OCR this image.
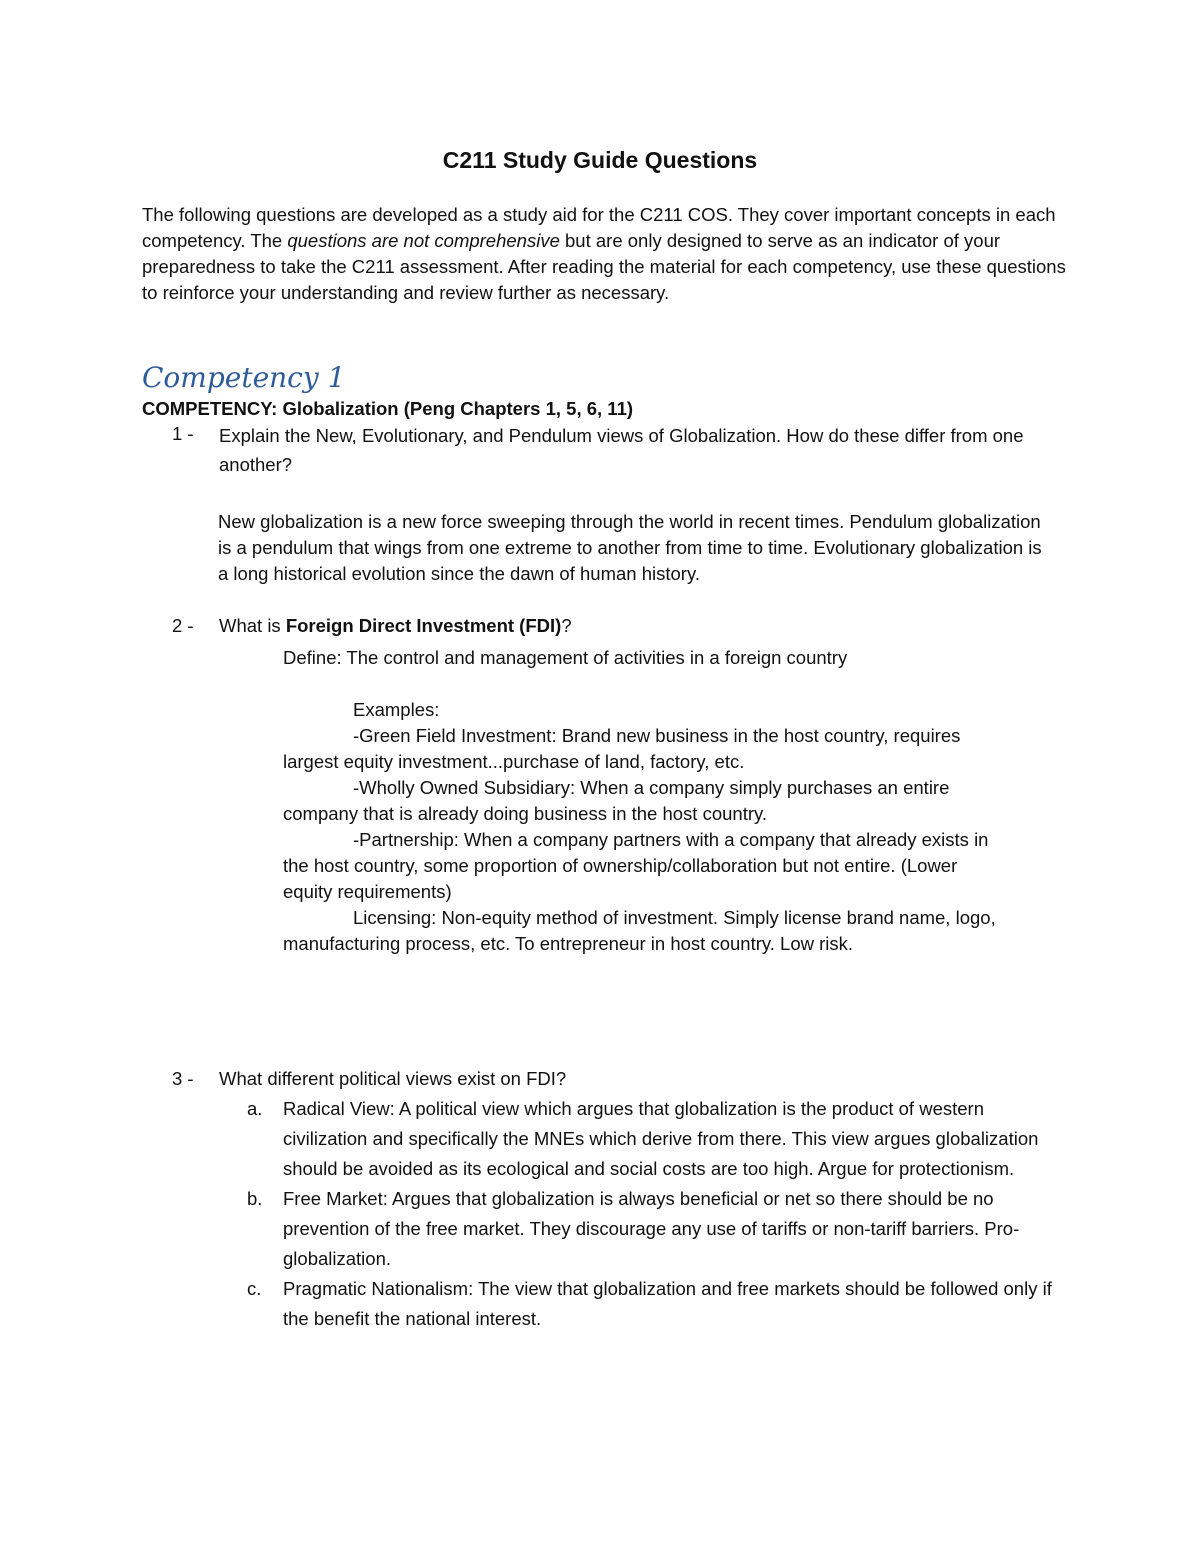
C211 Study Guide Questions

The following questions are developed as a study aid for the C211 COS. They cover important concepts in each competency. The questions are not comprehensive but are only designed to serve as an indicator of your preparedness to take the C211 assessment. After reading the material for each competency, use these questions to reinforce your understanding and review further as necessary.

Competency 1
COMPETENCY: Globalization (Peng Chapters 1, 5, 6, 11)
1 - Explain the New, Evolutionary, and Pendulum views of Globalization. How do these differ from one another?

New globalization is a new force sweeping through the world in recent times. Pendulum globalization is a pendulum that wings from one extreme to another from time to time. Evolutionary globalization is a long historical evolution since the dawn of human history.

2 - What is Foreign Direct Investment (FDI)?
Define: The control and management of activities in a foreign country
Examples:
-Green Field Investment: Brand new business in the host country, requires
largest equity investment...purchase of land, factory, etc.
-Wholly Owned Subsidiary: When a company simply purchases an entire
company that is already doing business in the host country.
-Partnership: When a company partners with a company that already exists in
the host country, some proportion of ownership/collaboration but not entire. (Lower
equity requirements)
Licensing: Non-equity method of investment. Simply license brand name, logo,
manufacturing process, etc. To entrepreneur in host country. Low risk.
3 - What different political views exist on FDI?
a. Radical View: A political view which argues that globalization is the product of western civilization and specifically the MNEs which derive from there. This view argues globalization should be avoided as its ecological and social costs are too high. Argue for protectionism.
b. Free Market: Argues that globalization is always beneficial or net so there should be no prevention of the free market. They discourage any use of tariffs or non-tariff barriers. Pro-globalization.
c. Pragmatic Nationalism: The view that globalization and free markets should be followed only if the benefit the national interest.
